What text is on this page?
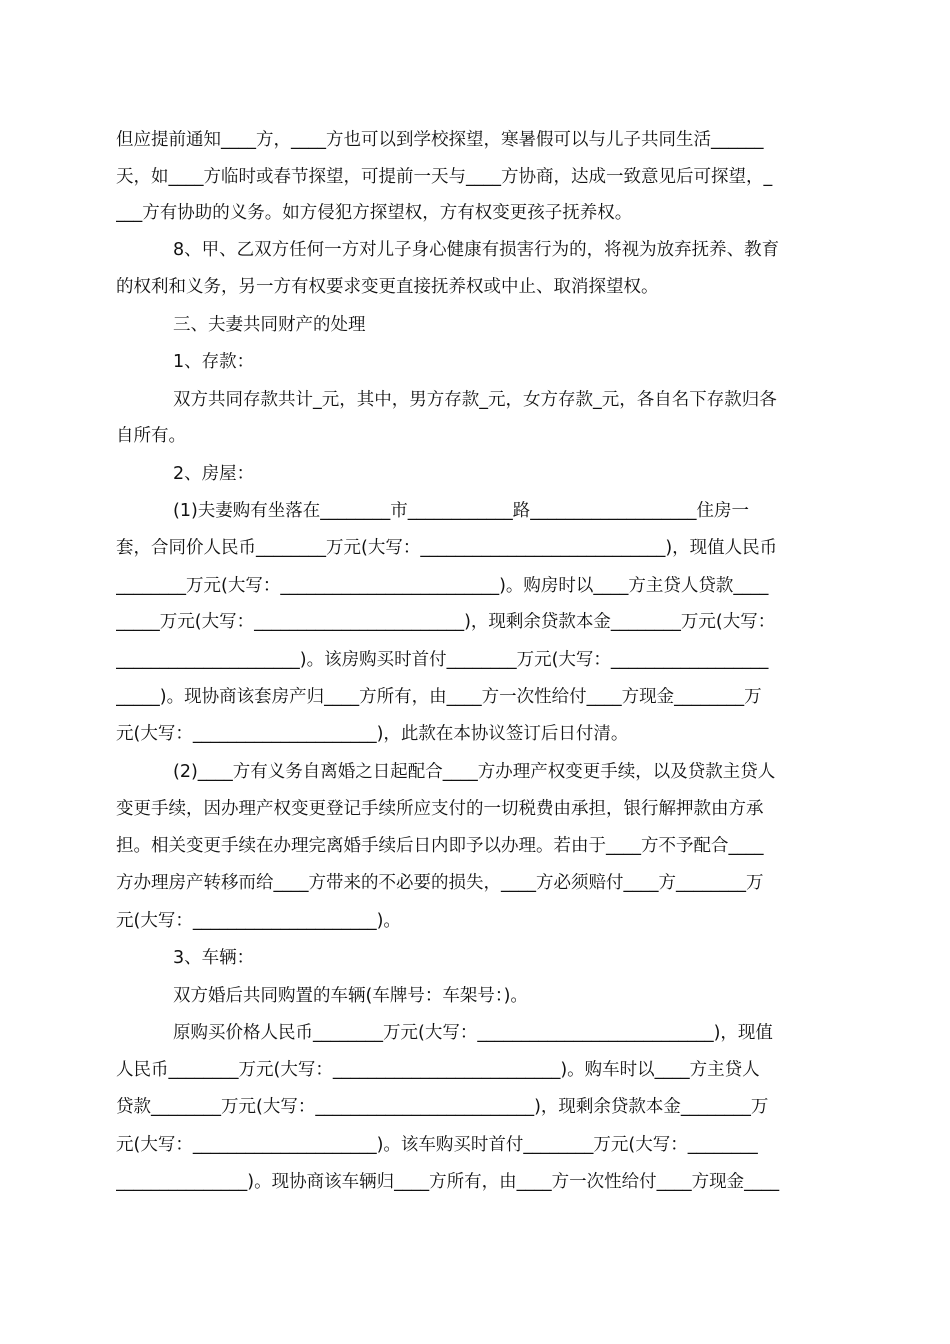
但应提前通知____方，____方也可以到学校探望，寒暑假可以与儿子共同生活______
天，如____方临时或春节探望，可提前一天与____方协商，达成一致意见后可探望，_
___方有协助的义务。如方侵犯方探望权，方有权变更孩子抚养权。
8、甲、乙双方任何一方对儿子身心健康有损害行为的，将视为放弃抚养、教育
的权利和义务，另一方有权要求变更直接抚养权或中止、取消探望权。
三、夫妻共同财产的处理
1、存款：
双方共同存款共计_元，其中，男方存款_元，女方存款_元，各自名下存款归各
自所有。
2、房屋：
(1)夫妻购有坐落在________市____________路___________________住房一
套，合同价人民币________万元(大写：____________________________)，现值人民币
________万元(大写：_________________________)。购房时以____方主贷人贷款____
_____万元(大写：________________________)，现剩余贷款本金________万元(大写：
_____________________)。该房购买时首付________万元(大写：__________________
_____)。现协商该套房产归____方所有，由____方一次性给付____方现金________万
元(大写：_____________________)，此款在本协议签订后日付清。
(2)____方有义务自离婚之日起配合____方办理产权变更手续，以及贷款主贷人
变更手续，因办理产权变更登记手续所应支付的一切税费由承担，银行解押款由方承
担。相关变更手续在办理完离婚手续后日内即予以办理。若由于____方不予配合____
方办理房产转移而给____方带来的不必要的损失，____方必须赔付____方________万
元(大写：_____________________)。
3、车辆：
双方婚后共同购置的车辆(车牌号：车架号：)。
原购买价格人民币________万元(大写：___________________________)，现值
人民币________万元(大写：__________________________)。购车时以____方主贷人
贷款________万元(大写：_________________________)，现剩余贷款本金________万
元(大写：_____________________)。该车购买时首付________万元(大写：________
_______________)。现协商该车辆归____方所有，由____方一次性给付____方现金____
